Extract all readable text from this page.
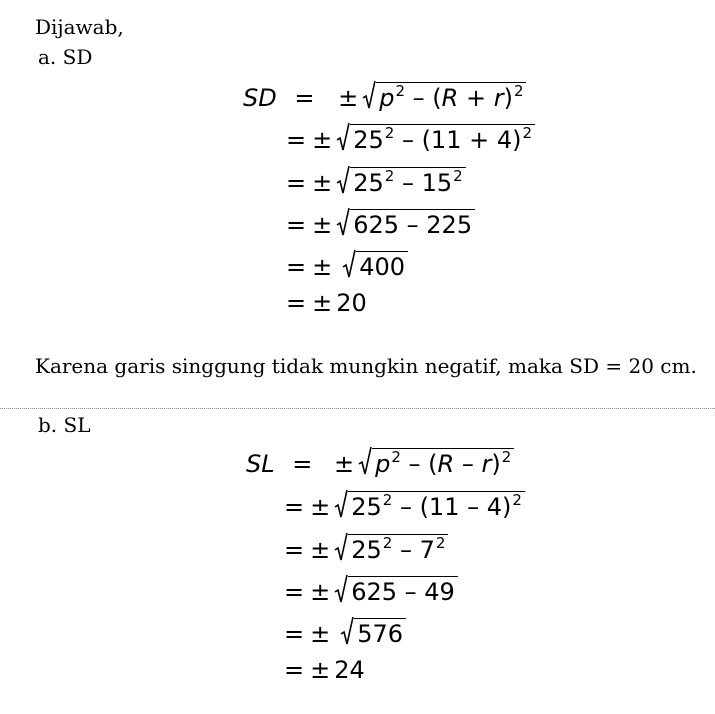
Dijawab,
a. SD
SD = ± $p^2 - (R + r)^2$
= ± $25^2 - (11 + 4)^2$
= ± $25^2 - 15^2$
= ± 625 – 225
= ± 400
= ± 20
Karena garis singgung tidak mungkin negatif, maka SD = 20 cm.
b. SL
SL = ± $p^2 - (R - r)^2$
= ± $25^2 - (11 - 4)^2$
= ± $25^2 - 7^2$
= ± 625 – 49
= ± 576
= ± 24
